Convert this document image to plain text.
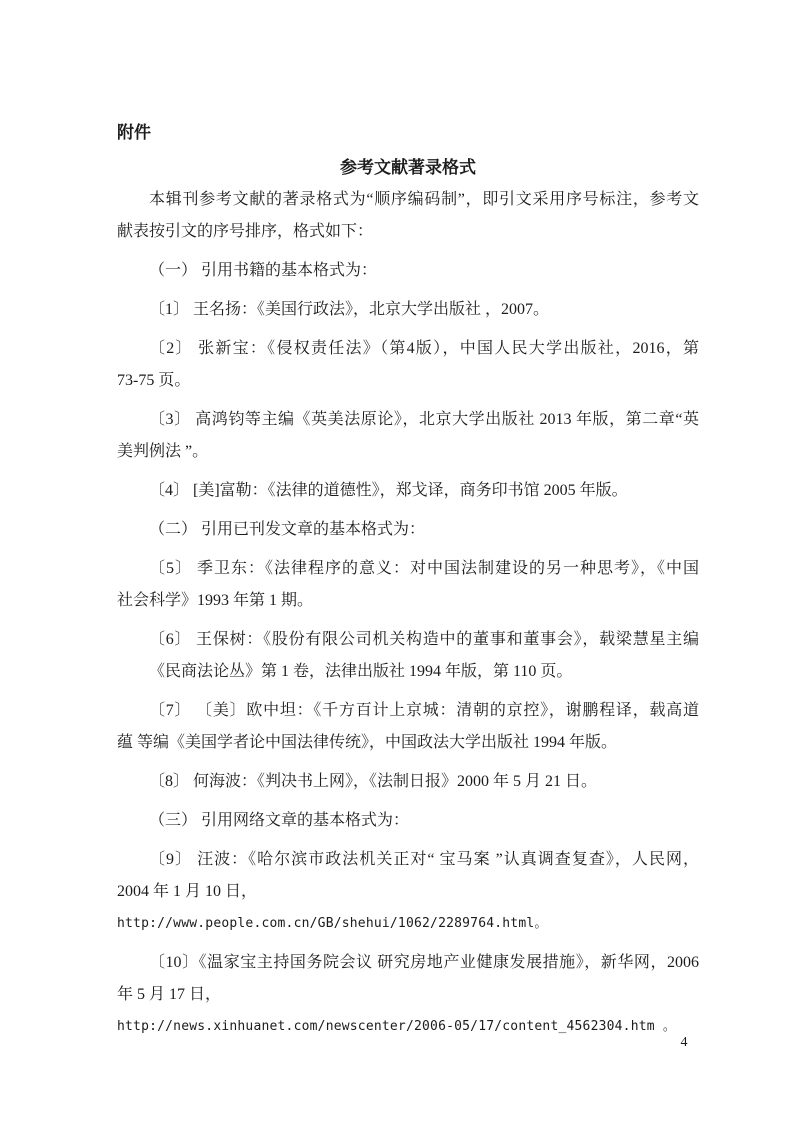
附件
参考文献著录格式
本辑刊参考文献的著录格式为“顺序编码制”，即引文采用序号标注，参考文
献表按引文的序号排序，格式如下：
（一） 引用书籍的基本格式为：
〔1〕 王名扬：《美国行政法》，北京大学出版社 ，2007。
〔2〕 张新宝：《侵权责任法》（第4版），中国人民大学出版社，2016，第
73-75 页。
〔3〕 高鸿钧等主编《英美法原论》，北京大学出版社 2013 年版，第二章“英
美判例法 ”。
〔4〕 [美]富勒：《法律的道德性》，郑戈译，商务印书馆 2005 年版。
（二） 引用已刊发文章的基本格式为：
〔5〕 季卫东：《法律程序的意义：对中国法制建设的另一种思考》，《中国
社会科学》1993 年第 1 期。
〔6〕 王保树：《股份有限公司机关构造中的董事和董事会》，载梁慧星主编
《民商法论丛》第 1 卷，法律出版社 1994 年版，第 110 页。
〔7〕 〔美〕欧中坦：《千方百计上京城：清朝的京控》，谢鹏程译，载高道
蕴 等编《美国学者论中国法律传统》，中国政法大学出版社 1994 年版。
〔8〕 何海波：《判决书上网》，《法制日报》2000 年 5 月 21 日。
（三） 引用网络文章的基本格式为：
〔9〕 汪波：《哈尔滨市政法机关正对“ 宝马案 ”认真调查复查》，人民网，
2004 年 1 月 10 日，
http://www.people.com.cn/GB/shehui/1062/2289764.html。
〔10〕《温家宝主持国务院会议 研究房地产业健康发展措施》，新华网，2006
年 5 月 17 日，
http://news.xinhuanet.com/newscenter/2006-05/17/content_4562304.htm 。
4
